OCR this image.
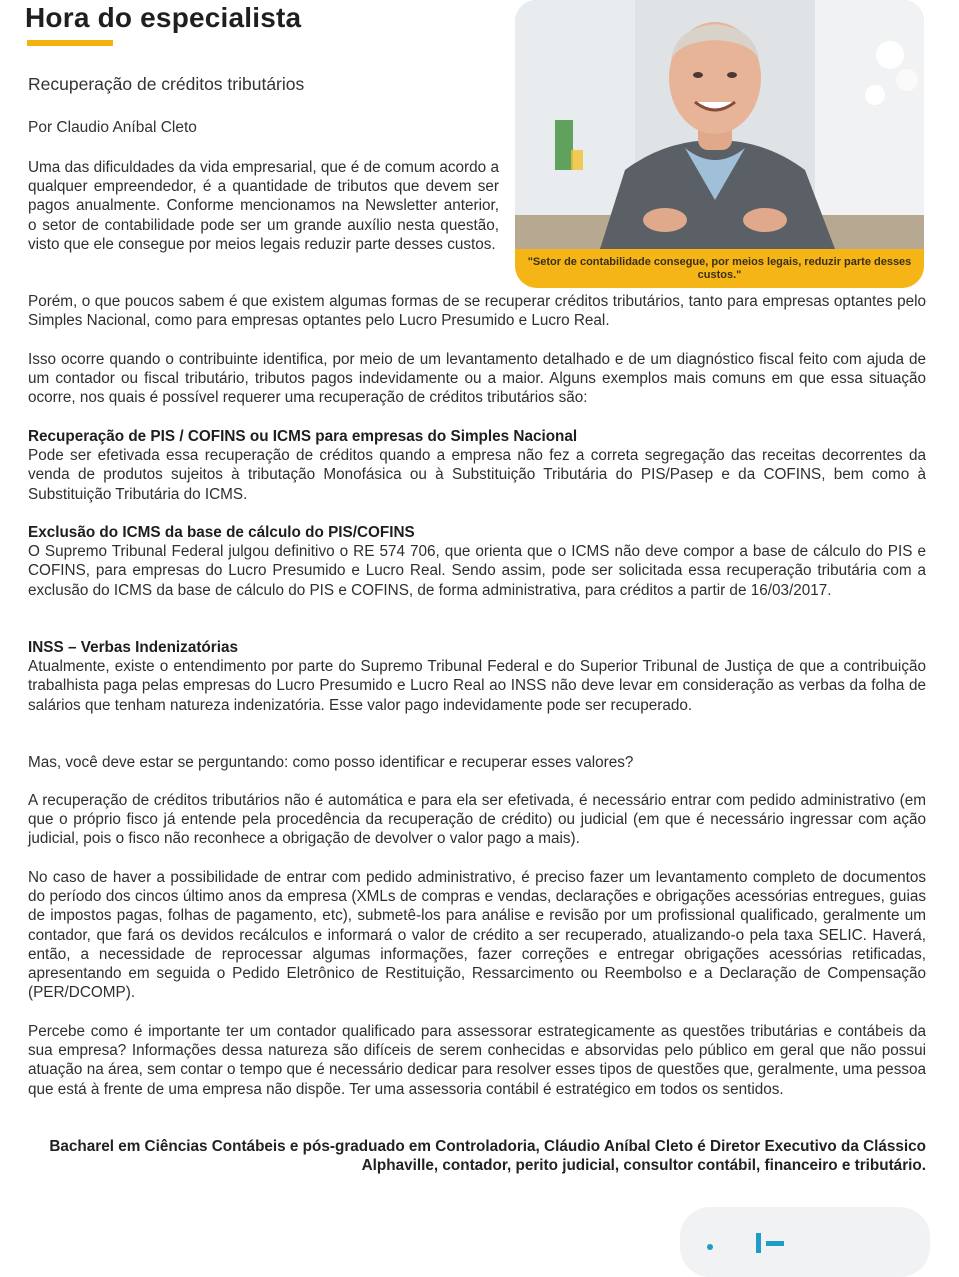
Hora do especialista
Recuperação de créditos tributários

Por Claudio Aníbal Cleto

Uma das dificuldades da vida empresarial, que é de comum acordo a qualquer empreendedor, é a quantidade de tributos que devem ser pagos anualmente. Conforme mencionamos na Newsletter anterior, o setor de contabilidade pode ser um grande auxílio nesta questão, visto que ele consegue por meios legais reduzir parte desses custos.

"Setor de contabilidade consegue, por meios legais, reduzir parte desses custos."

Porém, o que poucos sabem é que existem algumas formas de se recuperar créditos tributários, tanto para empresas optantes pelo Simples Nacional, como para empresas optantes pelo Lucro Presumido e Lucro Real.

Isso ocorre quando o contribuinte identifica, por meio de um levantamento detalhado e de um diagnóstico fiscal feito com ajuda de um contador ou fiscal tributário, tributos pagos indevidamente ou a maior. Alguns exemplos mais comuns em que essa situação ocorre, nos quais é possível requerer uma recuperação de créditos tributários são:

Recuperação de PIS / COFINS ou ICMS para empresas do Simples Nacional
Pode ser efetivada essa recuperação de créditos quando a empresa não fez a correta segregação das receitas decorrentes da venda de produtos sujeitos à tributação Monofásica ou à Substituição Tributária do PIS/Pasep e da COFINS, bem como à Substituição Tributária do ICMS.
Exclusão do ICMS da base de cálculo do PIS/COFINS
O Supremo Tribunal Federal julgou definitivo o RE 574 706, que orienta que o ICMS não deve compor a base de cálculo do PIS e COFINS, para empresas do Lucro Presumido e Lucro Real. Sendo assim, pode ser solicitada essa recuperação tributária com a exclusão do ICMS da base de cálculo do PIS e COFINS, de forma administrativa, para créditos a partir de 16/03/2017.
INSS – Verbas Indenizatórias
Atualmente, existe o entendimento por parte do Supremo Tribunal Federal e do Superior Tribunal de Justiça de que a contribuição trabalhista paga pelas empresas do Lucro Presumido e Lucro Real ao INSS não deve levar em consideração as verbas da folha de salários que tenham natureza indenizatória. Esse valor pago indevidamente pode ser recuperado.

Mas, você deve estar se perguntando: como posso identificar e recuperar esses valores?

A recuperação de créditos tributários não é automática e para ela ser efetivada, é necessário entrar com pedido administrativo (em que o próprio fisco já entende pela procedência da recuperação de crédito) ou judicial (em que é necessário ingressar com ação judicial, pois o fisco não reconhece a obrigação de devolver o valor pago a mais).

No caso de haver a possibilidade de entrar com pedido administrativo, é preciso fazer um levantamento completo de documentos do período dos cincos último anos da empresa (XMLs de compras e vendas, declarações e obrigações acessórias entregues, guias de impostos pagas, folhas de pagamento, etc), submetê-los para análise e revisão por um profissional qualificado, geralmente um contador, que fará os devidos recálculos e informará o valor de crédito a ser recuperado, atualizando-o pela taxa SELIC. Haverá, então, a necessidade de reprocessar algumas informações, fazer correções e entregar obrigações acessórias retificadas, apresentando em seguida o Pedido Eletrônico de Restituição, Ressarcimento ou Reembolso e a Declaração de Compensação (PER/DCOMP).

Percebe como é importante ter um contador qualificado para assessorar estrategicamente as questões tributárias e contábeis da sua empresa? Informações dessa natureza são difíceis de serem conhecidas e absorvidas pelo público em geral que não possui atuação na área, sem contar o tempo que é necessário dedicar para resolver esses tipos de questões que, geralmente, uma pessoa que está à frente de uma empresa não dispõe. Ter uma assessoria contábil é estratégico em todos os sentidos.

Bacharel em Ciências Contábeis e pós-graduado em Controladoria, Cláudio Aníbal Cleto é Diretor Executivo da Clássico Alphaville, contador, perito judicial, consultor contábil, financeiro e tributário.
